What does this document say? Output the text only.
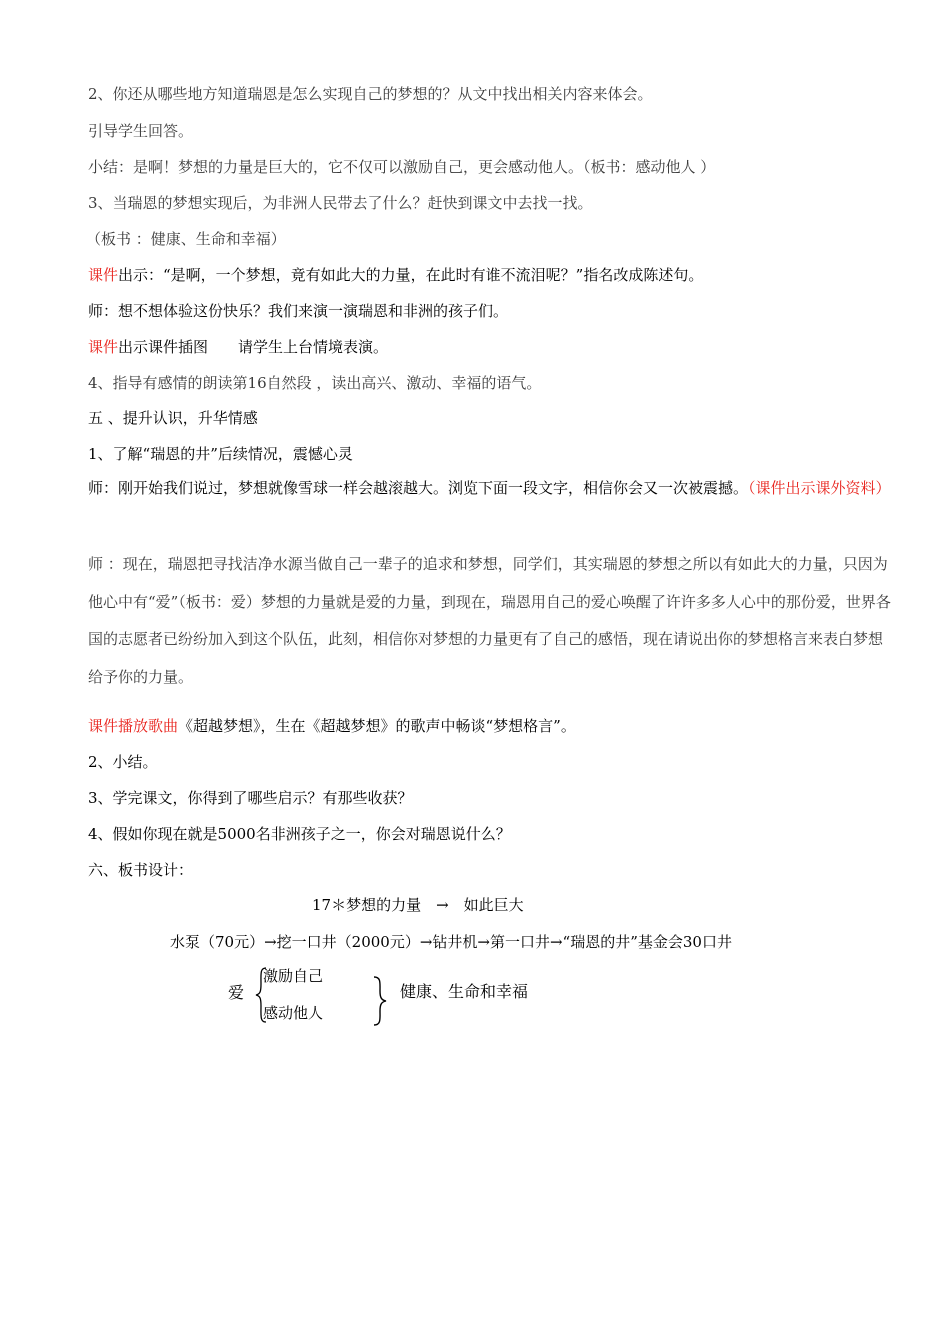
2、你还从哪些地方知道瑞恩是怎么实现自己的梦想的？从文中找出相关内容来体会。
引导学生回答。
小结：是啊！梦想的力量是巨大的，它不仅可以激励自己，更会感动他人。（板书：感动他人 ）
3、当瑞恩的梦想实现后，为非洲人民带去了什么？赶快到课文中去找一找。
（板书 ：健康、生命和幸福）
课件出示：“是啊，一个梦想，竟有如此大的力量，在此时有谁不流泪呢？”指名改成陈述句。
师：想不想体验这份快乐？我们来演一演瑞恩和非洲的孩子们。
课件出示课件插图　　请学生上台情境表演。
4、指导有感情的朗读第16自然段 ，读出高兴、激动、幸福的语气。
五 、提升认识，升华情感
1、了解“瑞恩的井”后续情况，震憾心灵
师：刚开始我们说过，梦想就像雪球一样会越滚越大。浏览下面一段文字，相信你会又一次被震撼。（课件出示课外资料）
师 ：现在，瑞恩把寻找洁净水源当做自己一辈子的追求和梦想，同学们，其实瑞恩的梦想之所以有如此大的力量，只因为他心中有“爱”（板书：爱）梦想的力量就是爱的力量，到现在，瑞恩用自己的爱心唤醒了许许多多人心中的那份爱，世界各国的志愿者已纷纷加入到这个队伍，此刻，相信你对梦想的力量更有了自己的感悟，现在请说出你的梦想格言来表白梦想给予你的力量。
课件播放歌曲《超越梦想》，生在《超越梦想》的歌声中畅谈“梦想格言”。
2、小结。
3、学完课文，你得到了哪些启示？有那些收获？
4、假如你现在就是5000名非洲孩子之一，你会对瑞恩说什么？
六、板书设计：
17＊梦想的力量　→　如此巨大
水泵（70元）→挖一口井（2000元）→钻井机→第一口井→“瑞恩的井”基金会30口井
爱
激励自己
感动他人
健康、生命和幸福
